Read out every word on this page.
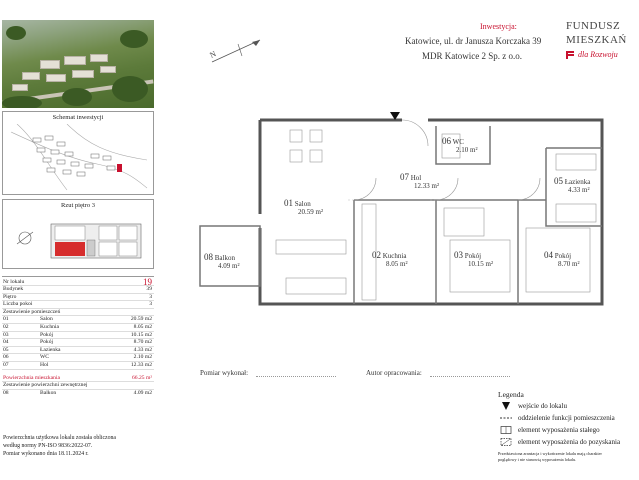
Inwestycja:
Katowice, ul. dr Janusza Korczaka 39
MDR Katowice 2 Sp. z o.o.
FUNDUSZ
MIESZKAŃ
dla Rozwoju
N
Schemat inwestycji
Rzut piętro 3
Nr lokalu	19
Budynek	39
Piętro	3
Liczba pokoi	3
Zestawienie pomieszczeń
01	Salon	20.59 m2
02	Kuchnia	8.05 m2
03	Pokój	10.15 m2
04	Pokój	8.70 m2
05	Łazienka	4.33 m2
06	WC	2.10 m2
07	Hol	12.33 m2
Powierzchnia mieszkania	66.25 m²
Zestawienie powierzchni zewnętrznej
08	Balkon	4.09 m2
Powierzchnia użytkowa lokalu została obliczona
według normy PN-ISO 9836:2022-07.
Pomiar wykonano dnia 18.11.2024 r.
01 Salon
20.59 m²
02 Kuchnia
8.05 m²
03 Pokój
10.15 m²
04 Pokój
8.70 m²
05 Łazienka
4.33 m²
06 WC
2.10 m²
07 Hol
12.33 m²
08 Balkon
4.09 m²
Pomiar wykonał:	Autor opracowania:
Legenda
wejście do lokalu
oddzielenie funkcji pomieszczenia
element wyposażenia stałego
element wyposażenia do pozyskania
Przedstawiona aranżacja i wykończenie lokalu mają charakter
poglądowy i nie stanowią wyposażenia lokalu.
